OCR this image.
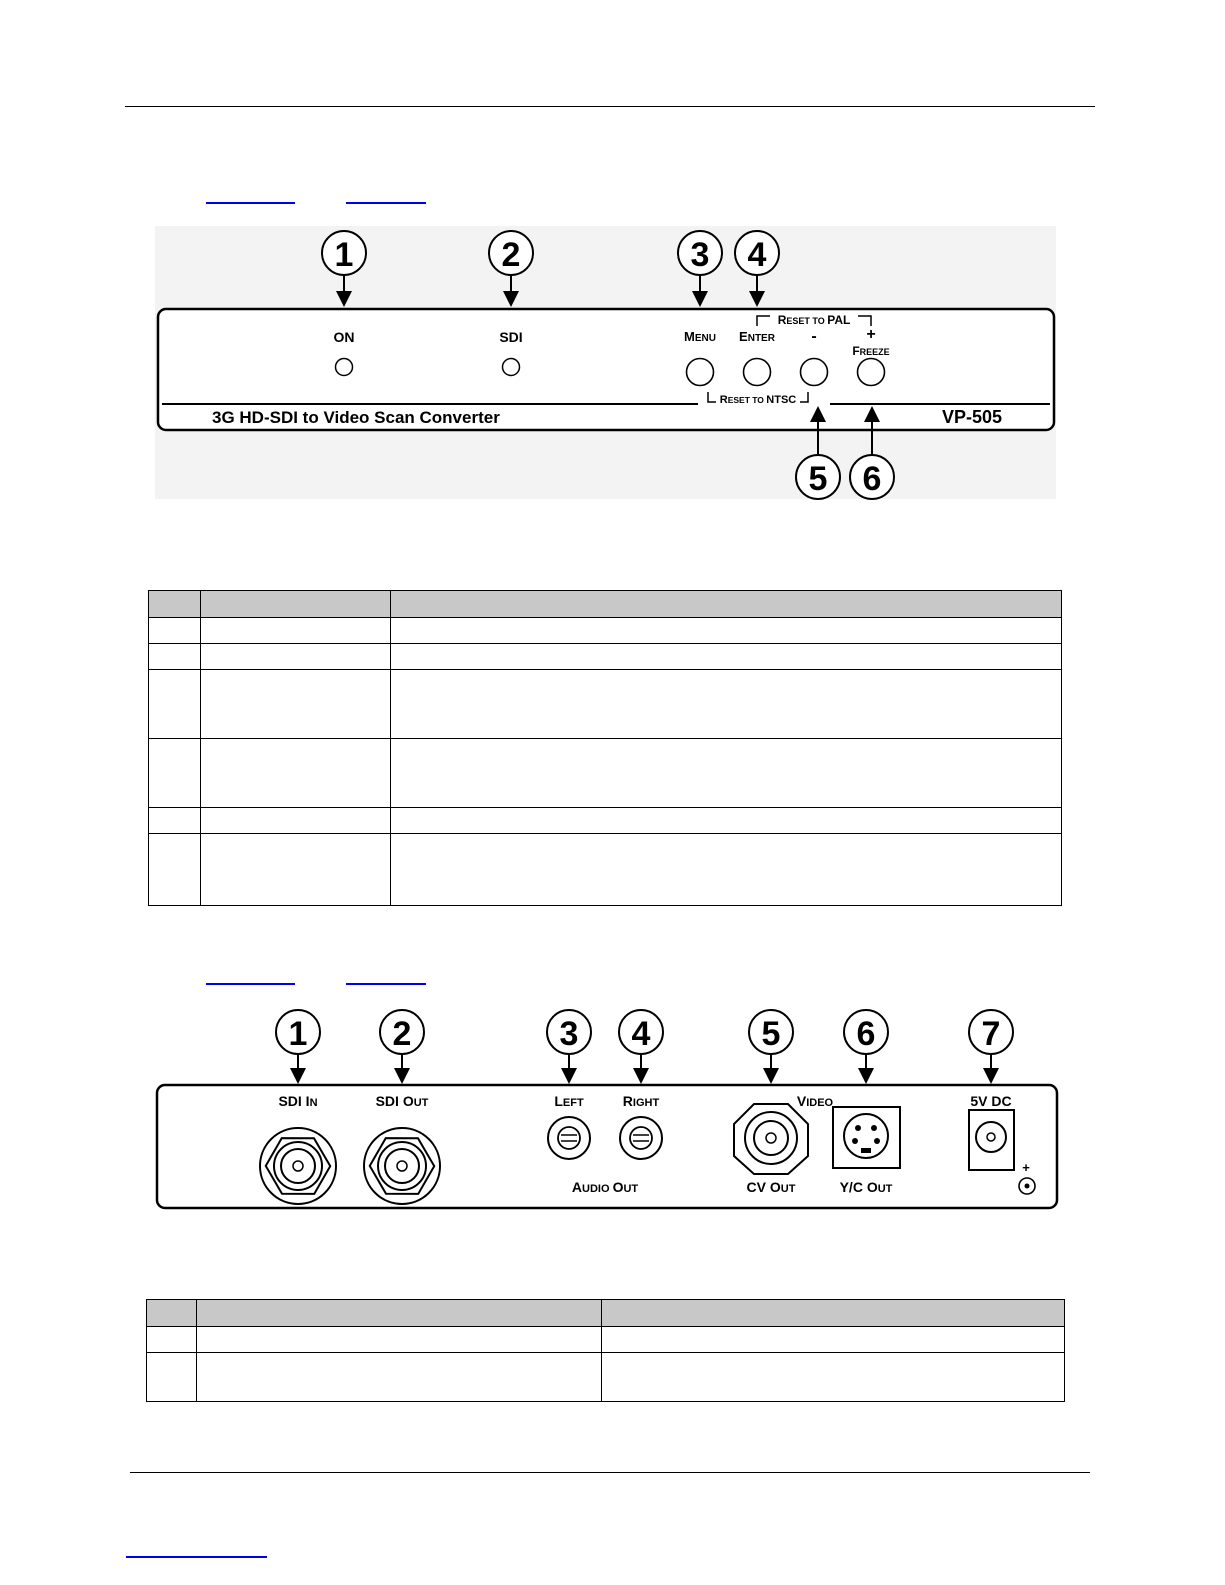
1	2	3 4
ON	SDI
RESET TO PAL
MENU ENTER -	+
FREEZE
RESET TO NTSC
3G HD-SDI to Video Scan Converter	VP-505
5 6

1	2	3 4	5 6	7
SDI IN	SDI OUT	LEFT	RIGHT	VIDEO	5V DC
AUDIO OUT	CV OUT	Y/C OUT
+
